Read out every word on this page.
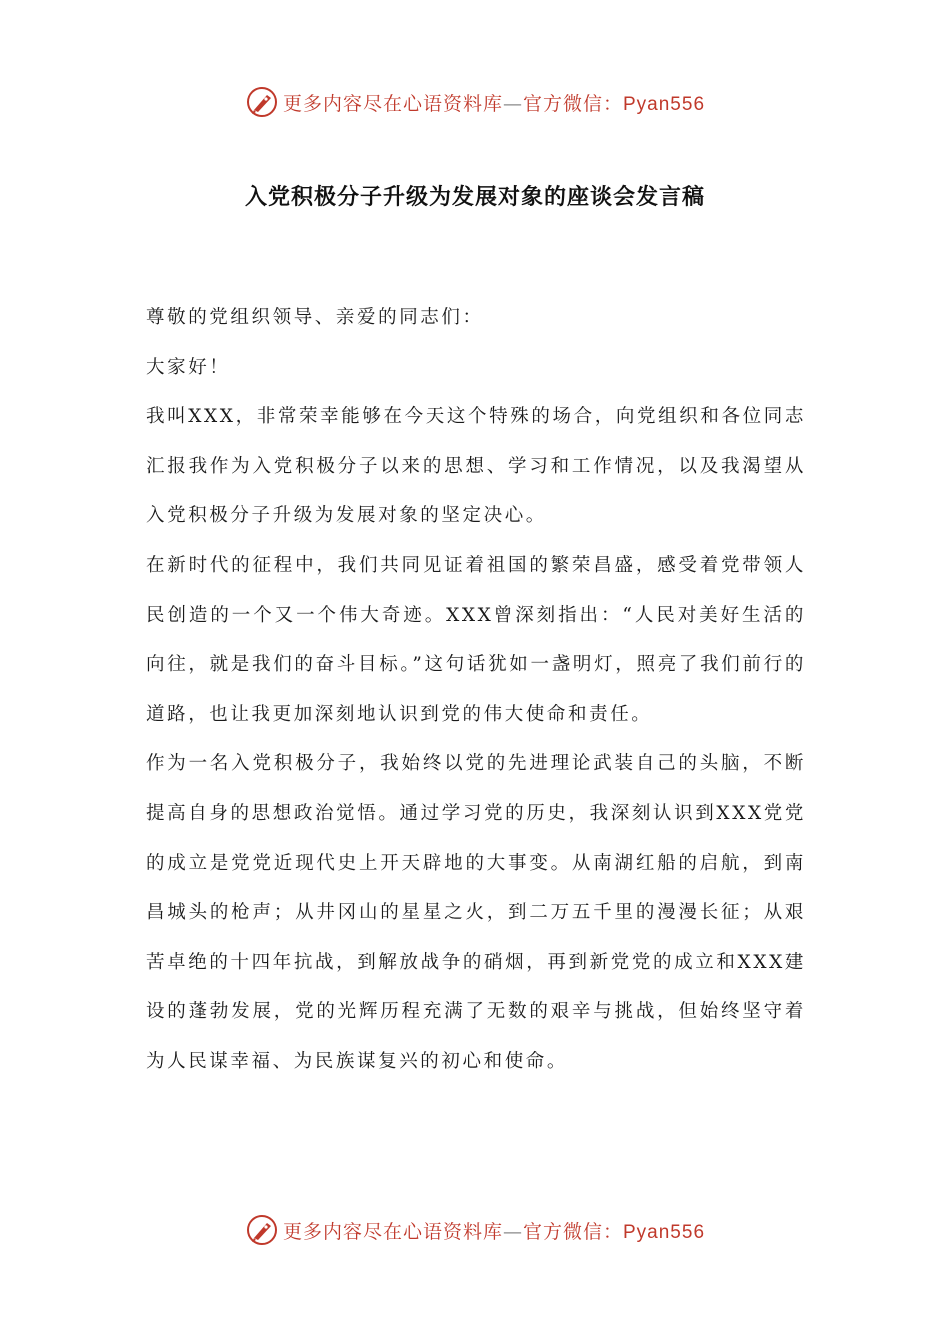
更多内容尽在心语资料库—官方微信：Pyan556
入党积极分子升级为发展对象的座谈会发言稿

尊敬的党组织领导、亲爱的同志们：

大家好！

我叫XXX，非常荣幸能够在今天这个特殊的场合，向党组织和各位同志汇报我作为入党积极分子以来的思想、学习和工作情况，以及我渴望从入党积极分子升级为发展对象的坚定决心。

在新时代的征程中，我们共同见证着祖国的繁荣昌盛，感受着党带领人民创造的一个又一个伟大奇迹。XXX曾深刻指出：“人民对美好生活的向往，就是我们的奋斗目标。”这句话犹如一盏明灯，照亮了我们前行的道路，也让我更加深刻地认识到党的伟大使命和责任。

作为一名入党积极分子，我始终以党的先进理论武装自己的头脑，不断提高自身的思想政治觉悟。通过学习党的历史，我深刻认识到XXX党党的成立是党党近现代史上开天辟地的大事变。从南湖红船的启航，到南昌城头的枪声；从井冈山的星星之火，到二万五千里的漫漫长征；从艰苦卓绝的十四年抗战，到解放战争的硝烟，再到新党党的成立和XXX建设的蓬勃发展，党的光辉历程充满了无数的艰辛与挑战，但始终坚守着为人民谋幸福、为民族谋复兴的初心和使命。

更多内容尽在心语资料库—官方微信：Pyan556
